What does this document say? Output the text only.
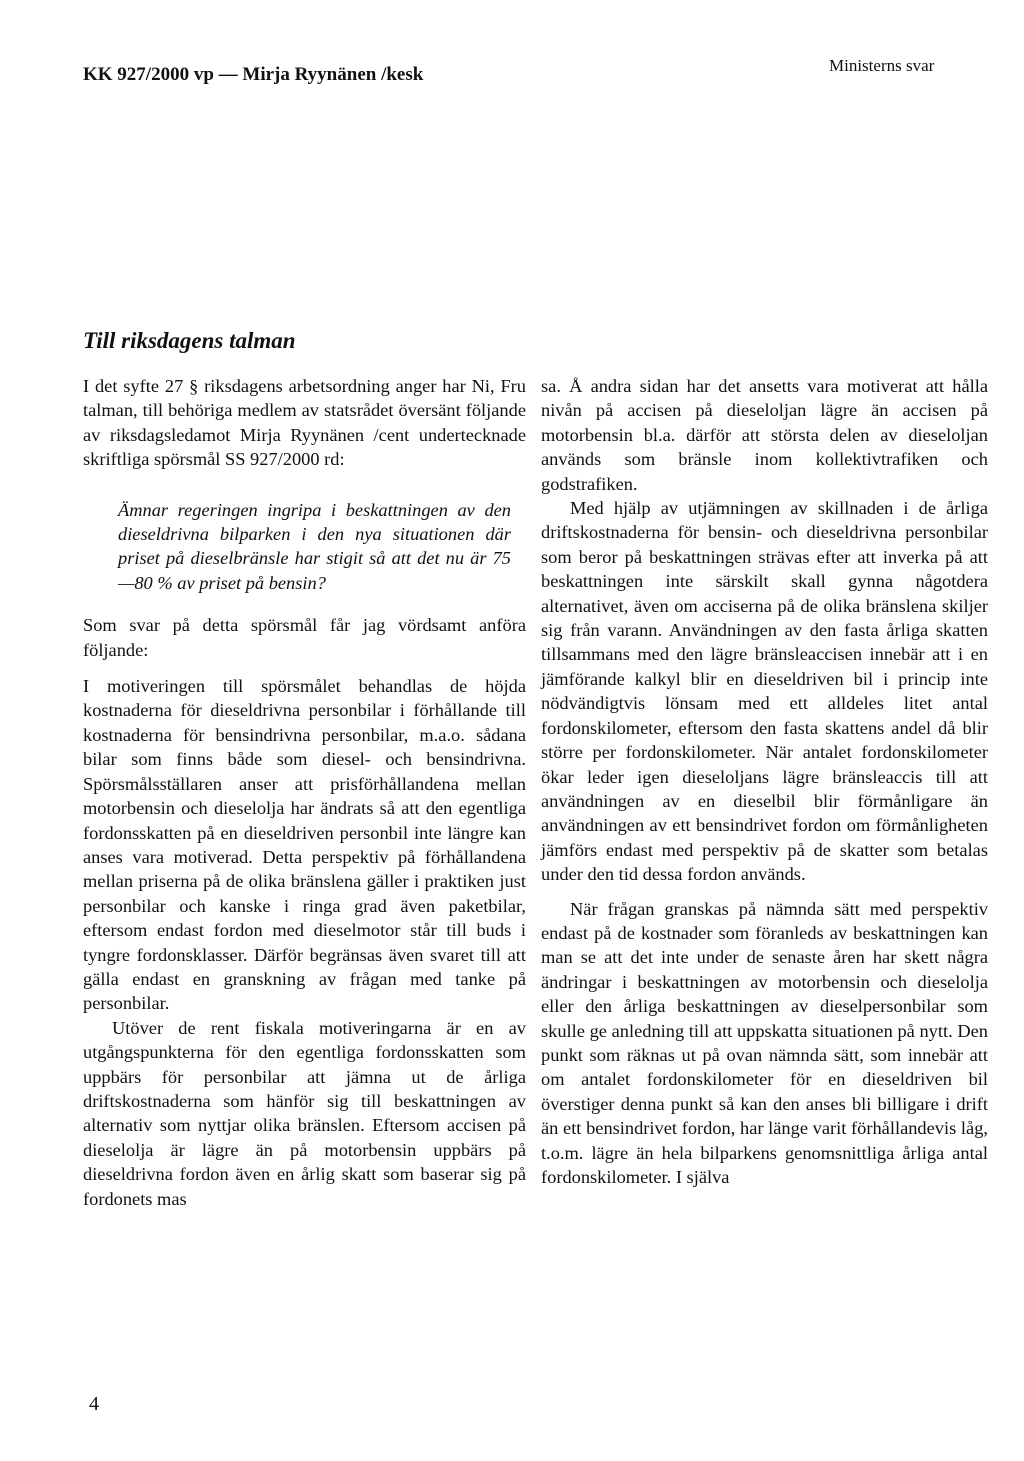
KK 927/2000 vp — Mirja Ryynänen /kesk	Ministerns svar
Till riksdagens talman

I det syfte 27 § riksdagens arbetsordning anger har Ni, Fru talman, till behöriga medlem av statsrådet översänt följande av riksdagsledamot Mirja Ryynänen /cent undertecknade skriftliga spörsmål SS 927/2000 rd:

Ämnar regeringen ingripa i beskattningen av den dieseldrivna bilparken i den nya situationen där priset på dieselbränsle har stigit så att det nu är 75—80 % av priset på bensin?

Som svar på detta spörsmål får jag vördsamt anföra följande:

I motiveringen till spörsmålet behandlas de höjda kostnaderna för dieseldrivna personbilar i förhållande till kostnaderna för bensindrivna personbilar, m.a.o. sådana bilar som finns både som diesel- och bensindrivna. Spörsmålsställaren anser att prisförhållandena mellan motorbensin och dieselolja har ändrats så att den egentliga fordonsskatten på en dieseldriven personbil inte längre kan anses vara motiverad. Detta perspektiv på förhållandena mellan priserna på de olika bränslena gäller i praktiken just personbilar och kanske i ringa grad även paketbilar, eftersom endast fordon med dieselmotor står till buds i tyngre fordonsklasser. Därför begränsas även svaret till att gälla endast en granskning av frågan med tanke på personbilar.

Utöver de rent fiskala motiveringarna är en av utgångspunkterna för den egentliga fordonsskatten som uppbärs för personbilar att jämna ut de årliga driftskostnaderna som hänför sig till beskattningen av alternativ som nyttjar olika bränslen. Eftersom accisen på dieselolja är lägre än på motorbensin uppbärs på dieseldrivna fordon även en årlig skatt som baserar sig på fordonets mas

sa. Å andra sidan har det ansetts vara motiverat att hålla nivån på accisen på dieseloljan lägre än accisen på motorbensin bl.a. därför att största delen av dieseloljan används som bränsle inom kollektivtrafiken och godstrafiken.

Med hjälp av utjämningen av skillnaden i de årliga driftskostnaderna för bensin- och dieseldrivna personbilar som beror på beskattningen strävas efter att inverka på att beskattningen inte särskilt skall gynna någotdera alternativet, även om acciserna på de olika bränslena skiljer sig från varann. Användningen av den fasta årliga skatten tillsammans med den lägre bränsleaccisen innebär att i en jämförande kalkyl blir en dieseldriven bil i princip inte nödvändigtvis lönsam med ett alldeles litet antal fordonskilometer, eftersom den fasta skattens andel då blir större per fordonskilometer. När antalet fordonskilometer ökar leder igen dieseloljans lägre bränsleaccis till att användningen av en dieselbil blir förmånligare än användningen av ett bensindrivet fordon om förmånligheten jämförs endast med perspektiv på de skatter som betalas under den tid dessa fordon används.

När frågan granskas på nämnda sätt med perspektiv endast på de kostnader som föranleds av beskattningen kan man se att det inte under de senaste åren har skett några ändringar i beskattningen av motorbensin och dieselolja eller den årliga beskattningen av dieselpersonbilar som skulle ge anledning till att uppskatta situationen på nytt. Den punkt som räknas ut på ovan nämnda sätt, som innebär att om antalet fordonskilometer för en dieseldriven bil överstiger denna punkt så kan den anses bli billigare i drift än ett bensindrivet fordon, har länge varit förhållandevis låg, t.o.m. lägre än hela bilparkens genomsnittliga årliga antal fordonskilometer. I själva

4
